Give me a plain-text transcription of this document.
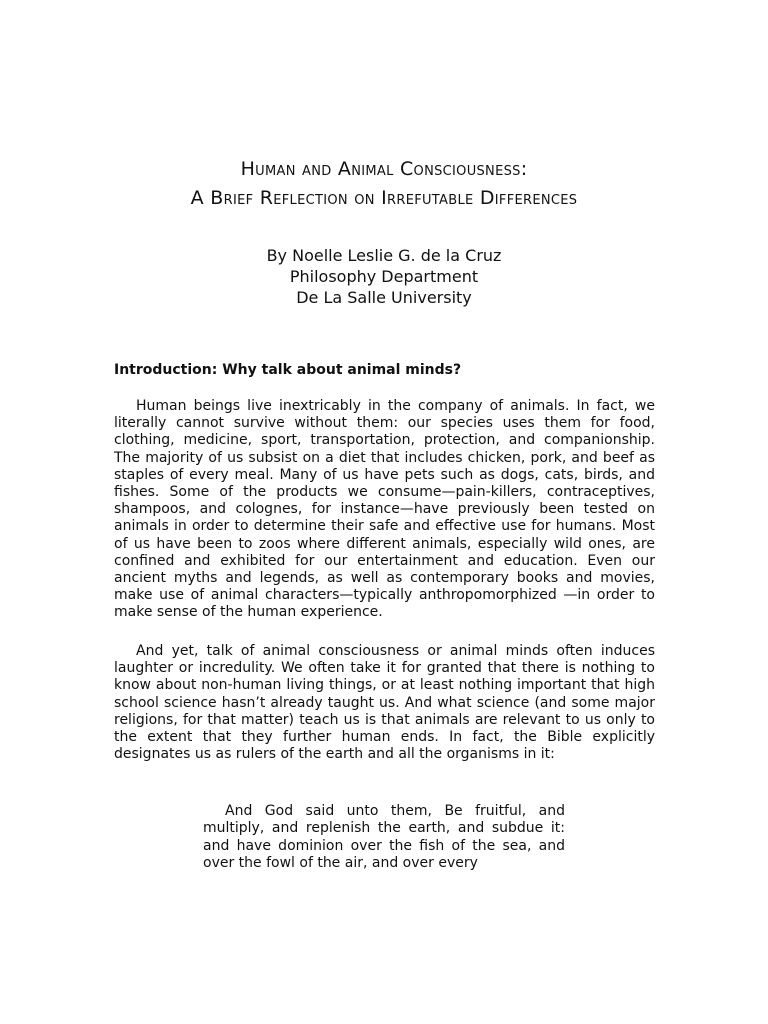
Human and Animal Consciousness:
A Brief Reflection on Irrefutable Differences
By Noelle Leslie G. de la Cruz
Philosophy Department
De La Salle University
Introduction: Why talk about animal minds?

Human beings live inextricably in the company of animals. In fact, we literally cannot survive without them: our species uses them for food, clothing, medicine, sport, transportation, protection, and companionship. The majority of us subsist on a diet that includes chicken, pork, and beef as staples of every meal. Many of us have pets such as dogs, cats, birds, and fishes. Some of the products we consume—pain-killers, contraceptives, shampoos, and colognes, for instance—have previously been tested on animals in order to determine their safe and effective use for humans. Most of us have been to zoos where different animals, especially wild ones, are confined and exhibited for our entertainment and education. Even our ancient myths and legends, as well as contemporary books and movies, make use of animal characters—typically anthropomorphized —in order to make sense of the human experience.

And yet, talk of animal consciousness or animal minds often induces laughter or incredulity. We often take it for granted that there is nothing to know about non-human living things, or at least nothing important that high school science hasn’t already taught us. And what science (and some major religions, for that matter) teach us is that animals are relevant to us only to the extent that they further human ends. In fact, the Bible explicitly designates us as rulers of the earth and all the organisms in it:

And God said unto them, Be fruitful, and multiply, and replenish the earth, and subdue it: and have dominion over the fish of the sea, and over the fowl of the air, and over every
